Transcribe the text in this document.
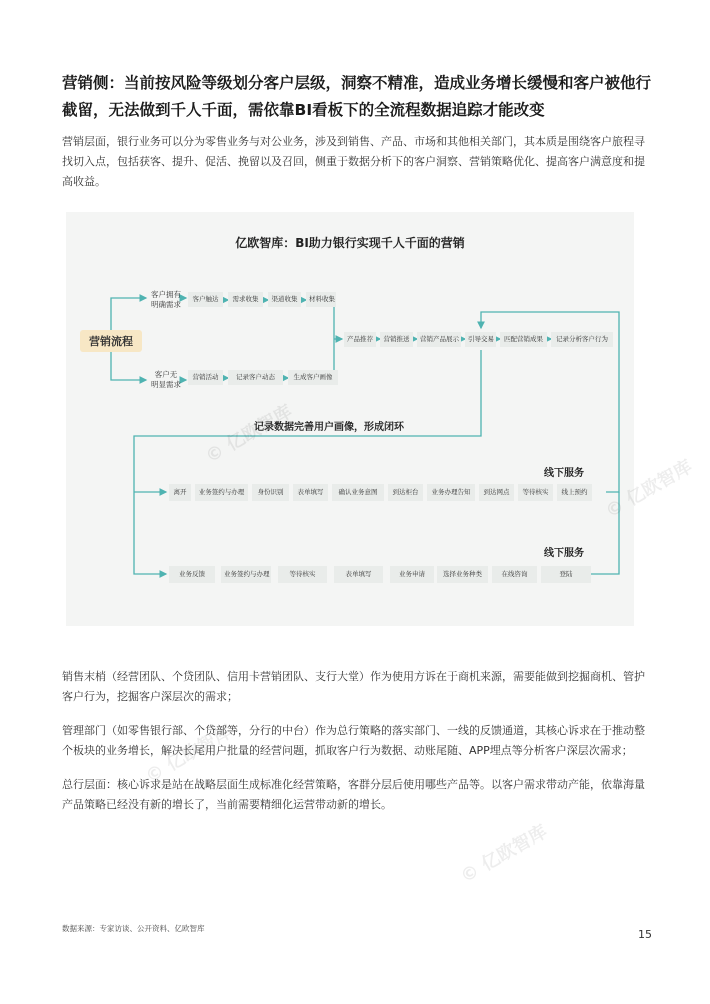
营销侧：当前按风险等级划分客户层级，洞察不精准，造成业务增长缓慢和客户被他行截留，无法做到千人千面，需依靠BI看板下的全流程数据追踪才能改变

营销层面，银行业务可以分为零售业务与对公业务，涉及到销售、产品、市场和其他相关部门，其本质是围绕客户旅程寻找切入点，包括获客、提升、促活、挽留以及召回，侧重于数据分析下的客户洞察、营销策略优化、提高客户满意度和提高收益。

亿欧智库：BI助力银行实现千人千面的营销
营销流程
客户拥有
明确需求
客户无
明显需求
客户触达	需求收集	渠道收集	材料收集
营销活动	记录客户动态	生成客户画像
产品推荐	营销推送	营销产品展示	引导交易	匹配营销成果	记录分析客户行为
记录数据完善用户画像，形成闭环
线下服务
离开	业务签约与办理	身份识别	表单填写	确认业务意图	到达柜台	业务办理告知	到达网点	等待核实	线上预约
线下服务
业务反馈	业务签约与办理	等待核实	表单填写	业务申请	选择业务种类	在线咨询	登陆

销售末梢（经营团队、个贷团队、信用卡营销团队、支行大堂）作为使用方诉在于商机来源，需要能做到挖掘商机、管护客户行为，挖掘客户深层次的需求；

管理部门（如零售银行部、个贷部等，分行的中台）作为总行策略的落实部门、一线的反馈通道，其核心诉求在于推动整个板块的业务增长，解决长尾用户批量的经营问题，抓取客户行为数据、动账尾随、APP埋点等分析客户深层次需求；

总行层面：核心诉求是站在战略层面生成标准化经营策略，客群分层后使用哪些产品等。以客户需求带动产能，依靠海量产品策略已经没有新的增长了，当前需要精细化运营带动新的增长。

© 亿欧智库
© 亿欧智库
© 亿欧智库
© 亿欧智库
数据来源：专家访谈、公开资料、亿欧智库	15
